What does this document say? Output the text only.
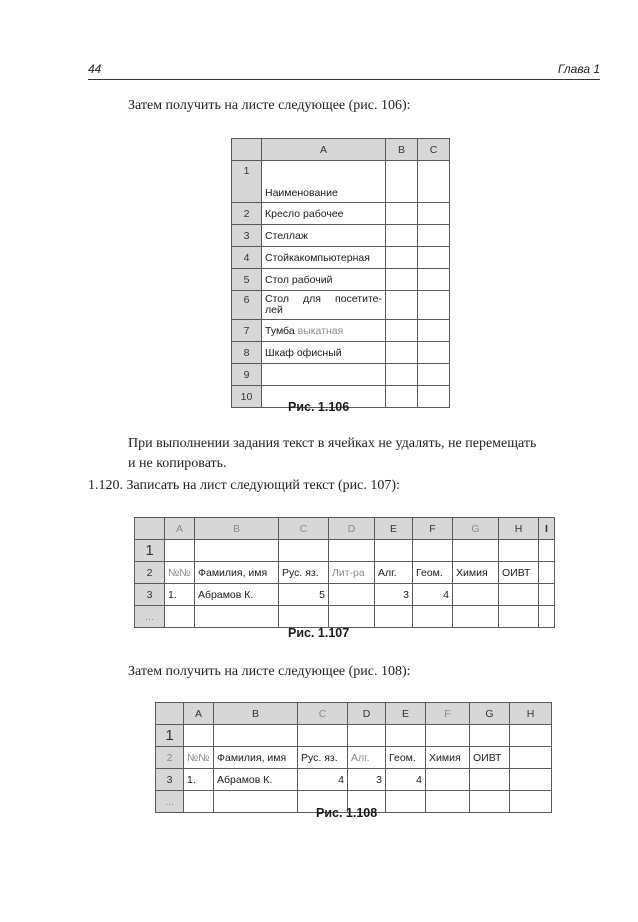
44	Глава 1
Затем получить на листе следующее (рис. 106):
	A	B	C
1	Наименование		
2	Кресло рабочее		
3	Стеллаж		
4	Стойкакомпьютерная		
5	Стол рабочий		
6	Стол для посетите-
лей		

7	Тумба выкатная		
8	Шкаф офисный		
9			
10			
Рис. 1.106
При выполнении задания текст в ячейках не удалять, не перемещать
и не копировать.
1.120. Записать на лист следующий текст (рис. 107):
	A	B	C	D	E	F	G	H	I
1									
2	№№	Фамилия, имя	Рус. яз.	Лит-ра	Алг.	Геом.	Химия	ОИВТ	
3	1.	Абрамов К.	5		3	4			
...									
Рис. 1.107
Затем получить на листе следующее (рис. 108):
	A	B	C	D	E	F	G	H
1								
2	№№	Фамилия, имя	Рус. яз.	Алг.	Геом.	Химия	ОИВТ	
3	1.	Абрамов К.	4	3	4			
...								
Рис. 1.108
